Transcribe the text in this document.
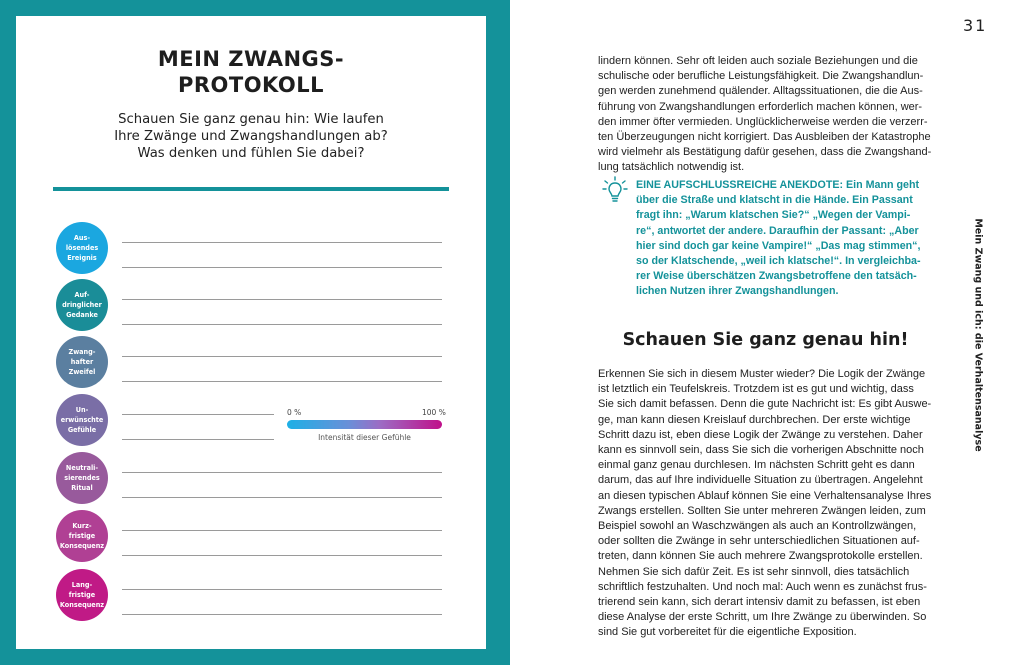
MEIN ZWANGS-
PROTOKOLL
Schauen Sie ganz genau hin: Wie laufen
Ihre Zwänge und Zwangshandlungen ab?
Was denken und fühlen Sie dabei?
0 %	100 %
Intensität dieser Gefühle
Aus-
lösendes
Ereignis
Auf-
dringlicher
Gedanke
Zwang-
hafter
Zweifel
Un-
erwünschte
Gefühle
Neutrali-
sierendes
Ritual
Kurz-
fristige
Konsequenz
Lang-
fristige
Konsequenz
31
Mein Zwang und ich: die Verhaltensanalyse
lindern können. Sehr oft leiden auch soziale Beziehungen und die
schulische oder berufliche Leistungsfähigkeit. Die Zwangshandlun-
gen werden zunehmend quälender. Alltagssituationen, die die Aus-
führung von Zwangshandlungen erforderlich machen können, wer-
den immer öfter vermieden. Unglücklicherweise werden die verzerr-
ten Überzeugungen nicht korrigiert. Das Ausbleiben der Katastrophe
wird vielmehr als Bestätigung dafür gesehen, dass die Zwangshand-
lung tatsächlich notwendig ist.
EINE AUFSCHLUSSREICHE ANEKDOTE: Ein Mann geht
über die Straße und klatscht in die Hände. Ein Passant
fragt ihn: „Warum klatschen Sie?“ „Wegen der Vampi-
re“, antwortet der andere. Daraufhin der Passant: „Aber
hier sind doch gar keine Vampire!“ „Das mag stimmen“,
so der Klatschende, „weil ich klatsche!“. In vergleichba-
rer Weise überschätzen Zwangsbetroffene den tatsäch-
lichen Nutzen ihrer Zwangshandlungen.
Schauen Sie ganz genau hin!
Erkennen Sie sich in diesem Muster wieder? Die Logik der Zwänge
ist letztlich ein Teufelskreis. Trotzdem ist es gut und wichtig, dass
Sie sich damit befassen. Denn die gute Nachricht ist: Es gibt Auswe-
ge, man kann diesen Kreislauf durchbrechen. Der erste wichtige
Schritt dazu ist, eben diese Logik der Zwänge zu verstehen. Daher
kann es sinnvoll sein, dass Sie sich die vorherigen Abschnitte noch
einmal ganz genau durchlesen. Im nächsten Schritt geht es dann
darum, das auf Ihre individuelle Situation zu übertragen. Angelehnt
an diesen typischen Ablauf können Sie eine Verhaltensanalyse Ihres
Zwangs erstellen. Sollten Sie unter mehreren Zwängen leiden, zum
Beispiel sowohl an Waschzwängen als auch an Kontrollzwängen,
oder sollten die Zwänge in sehr unterschiedlichen Situationen auf-
treten, dann können Sie auch mehrere Zwangsprotokolle erstellen.
Nehmen Sie sich dafür Zeit. Es ist sehr sinnvoll, dies tatsächlich
schriftlich festzuhalten. Und noch mal: Auch wenn es zunächst frus-
trierend sein kann, sich derart intensiv damit zu befassen, ist eben
diese Analyse der erste Schritt, um Ihre Zwänge zu überwinden. So
sind Sie gut vorbereitet für die eigentliche Exposition.
